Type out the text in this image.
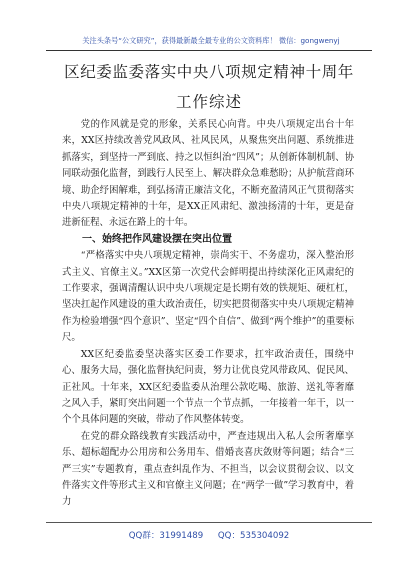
关注头条号“公文研究”，获得最新最全最专业的公文资料库！ 微信：gongwenyj
区纪委监委落实中央八项规定精神十周年
工作综述

党的作风就是党的形象，关系民心向背。中央八项规定出台十年来，XX区持续改善党风政风、社风民风，从聚焦突出问题、系统推进抓落实，到坚持一严到底、持之以恒纠治“四风”；从创新体制机制、协同联动强化监督，到践行人民至上、解决群众急难愁盼；从护航营商环境、助企纾困解难，到弘扬清正廉洁文化，不断充盈清风正气贯彻落实中央八项规定精神的十年，是XX正风肃纪、激浊扬清的十年，更是奋进新征程、永远在路上的十年。

一、始终把作风建设摆在突出位置

“严格落实中央八项规定精神，崇尚实干、不务虚功，深入整治形式主义、官僚主义。”XX区第一次党代会鲜明提出持续深化正风肃纪的工作要求，强调清醒认识中央八项规定是长期有效的铁规矩、硬杠杠，坚决扛起作风建设的重大政治责任，切实把贯彻落实中央八项规定精神作为检验增强“四个意识”、坚定“四个自信”、做到“两个维护”的重要标尺。

XX区纪委监委坚决落实区委工作要求，扛牢政治责任，围绕中心、服务大局，强化监督执纪问责，努力让优良党风带政风、促民风、正社风。十年来，XX区纪委监委从治理公款吃喝、旅游、送礼等奢靡之风入手，紧盯突出问题一个节点一个节点抓，一年接着一年干，以一个个具体问题的突破，带动了作风整体转变。

在党的群众路线教育实践活动中，严查违规出入私人会所奢靡享乐、超标超配办公用房和公务用车、借婚丧喜庆敛财等问题；结合“三严三实”专题教育，重点查纠乱作为、不担当，以会议贯彻会议、以文件落实文件等形式主义和官僚主义问题；在“两学一做”学习教育中，着力

QQ群：31991489 QQ：535304092
